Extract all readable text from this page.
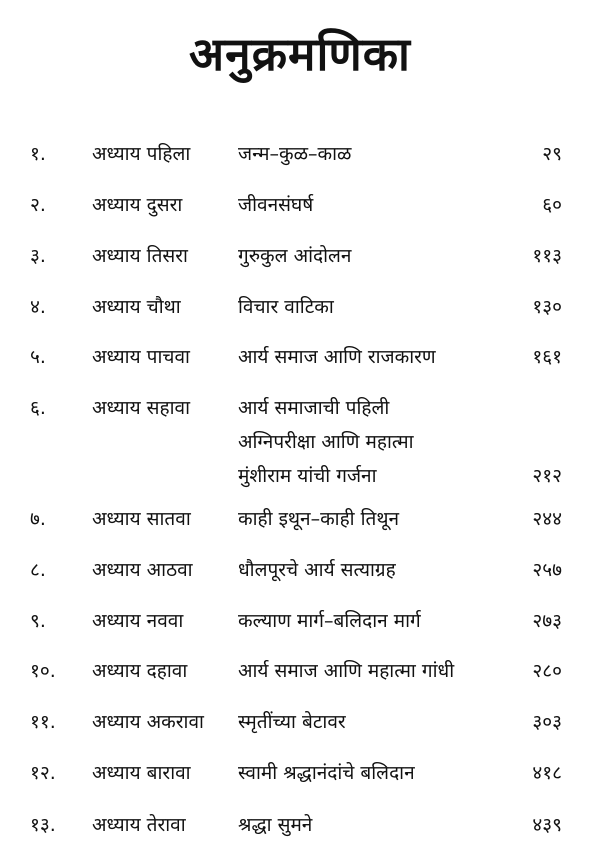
अनुक्रमणिका
१.	अध्याय पहिला	जन्म–कुळ–काळ	२९
२.	अध्याय दुसरा	जीवनसंघर्ष	६०
३.	अध्याय तिसरा	गुरुकुल आंदोलन	११३
४.	अध्याय चौथा	विचार वाटिका	१३०
५.	अध्याय पाचवा	आर्य समाज आणि राजकारण	१६१
६.	अध्याय सहावा	आर्य समाजाची पहिली
अग्निपरीक्षा आणि महात्मा
मुंशीराम यांची गर्जना	२१२
७.	अध्याय सातवा	काही इथून–काही तिथून	२४४
८.	अध्याय आठवा	धौलपूरचे आर्य सत्याग्रह	२५७
९.	अध्याय नववा	कल्याण मार्ग–बलिदान मार्ग	२७३
१०.	अध्याय दहावा	आर्य समाज आणि महात्मा गांधी	२८०
११.	अध्याय अकरावा	स्मृतींच्या बेटावर	३०३
१२.	अध्याय बारावा	स्वामी श्रद्धानंदांचे बलिदान	४१८
१३.	अध्याय तेरावा	श्रद्धा सुमने	४३९
